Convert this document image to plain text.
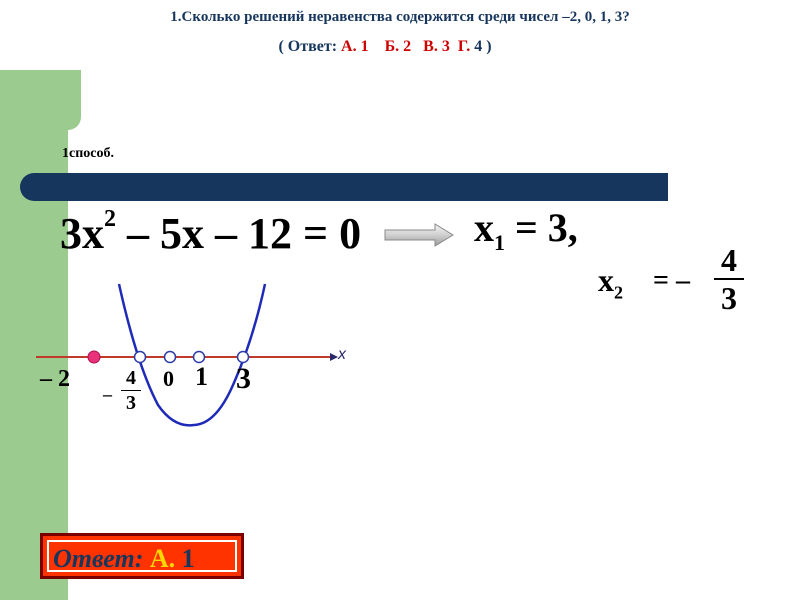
1.Сколько решений неравенства содержится среди чисел –2, 0, 1, 3?
( Ответ: А. 1 Б. 2 В. 3 Г. 4 )
1способ.
$3x^2 - 5x - 12 = 0$	$x_1 = 3$,
$x_2$ = –
4
3
x
– 2
–
4
3
0 1 3
Ответ: А. 1
